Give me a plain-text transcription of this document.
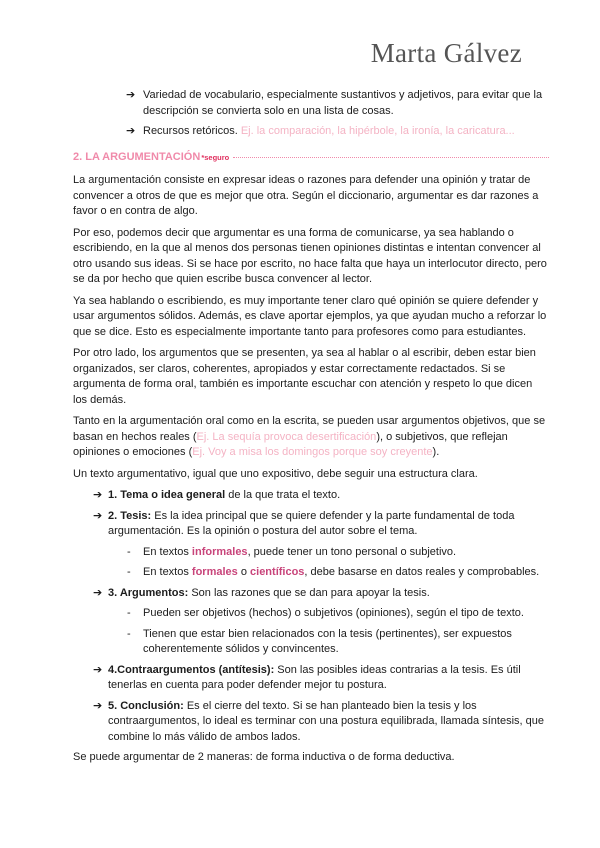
Marta Gálvez
➔ Variedad de vocabulario, especialmente sustantivos y adjetivos, para evitar que la descripción se convierta solo en una lista de cosas.
➔ Recursos retóricos. Ej. la comparación, la hipérbole, la ironía, la caricatura...
2. LA ARGUMENTACIÓN *seguro

La argumentación consiste en expresar ideas o razones para defender una opinión y tratar de convencer a otros de que es mejor que otra. Según el diccionario, argumentar es dar razones a favor o en contra de algo.

Por eso, podemos decir que argumentar es una forma de comunicarse, ya sea hablando o escribiendo, en la que al menos dos personas tienen opiniones distintas e intentan convencer al otro usando sus ideas. Si se hace por escrito, no hace falta que haya un interlocutor directo, pero se da por hecho que quien escribe busca convencer al lector.

Ya sea hablando o escribiendo, es muy importante tener claro qué opinión se quiere defender y usar argumentos sólidos. Además, es clave aportar ejemplos, ya que ayudan mucho a reforzar lo que se dice. Esto es especialmente importante tanto para profesores como para estudiantes.

Por otro lado, los argumentos que se presenten, ya sea al hablar o al escribir, deben estar bien organizados, ser claros, coherentes, apropiados y estar correctamente redactados. Si se argumenta de forma oral, también es importante escuchar con atención y respeto lo que dicen los demás.

Tanto en la argumentación oral como en la escrita, se pueden usar argumentos objetivos, que se basan en hechos reales (Ej. La sequía provoca desertificación), o subjetivos, que reflejan opiniones o emociones (Ej. Voy a misa los domingos porque soy creyente).

Un texto argumentativo, igual que uno expositivo, debe seguir una estructura clara.

➔ 1. Tema o idea general de la que trata el texto.
➔ 2. Tesis: Es la idea principal que se quiere defender y la parte fundamental de toda argumentación. Es la opinión o postura del autor sobre el tema.
- En textos informales, puede tener un tono personal o subjetivo.
- En textos formales o científicos, debe basarse en datos reales y comprobables.
➔ 3. Argumentos: Son las razones que se dan para apoyar la tesis.
- Pueden ser objetivos (hechos) o subjetivos (opiniones), según el tipo de texto.
- Tienen que estar bien relacionados con la tesis (pertinentes), ser expuestos coherentemente sólidos y convincentes.
➔ 4.Contraargumentos (antítesis): Son las posibles ideas contrarias a la tesis. Es útil tenerlas en cuenta para poder defender mejor tu postura.
➔ 5. Conclusión: Es el cierre del texto. Si se han planteado bien la tesis y los contraargumentos, lo ideal es terminar con una postura equilibrada, llamada síntesis, que combine lo más válido de ambos lados.

Se puede argumentar de 2 maneras: de forma inductiva o de forma deductiva.
